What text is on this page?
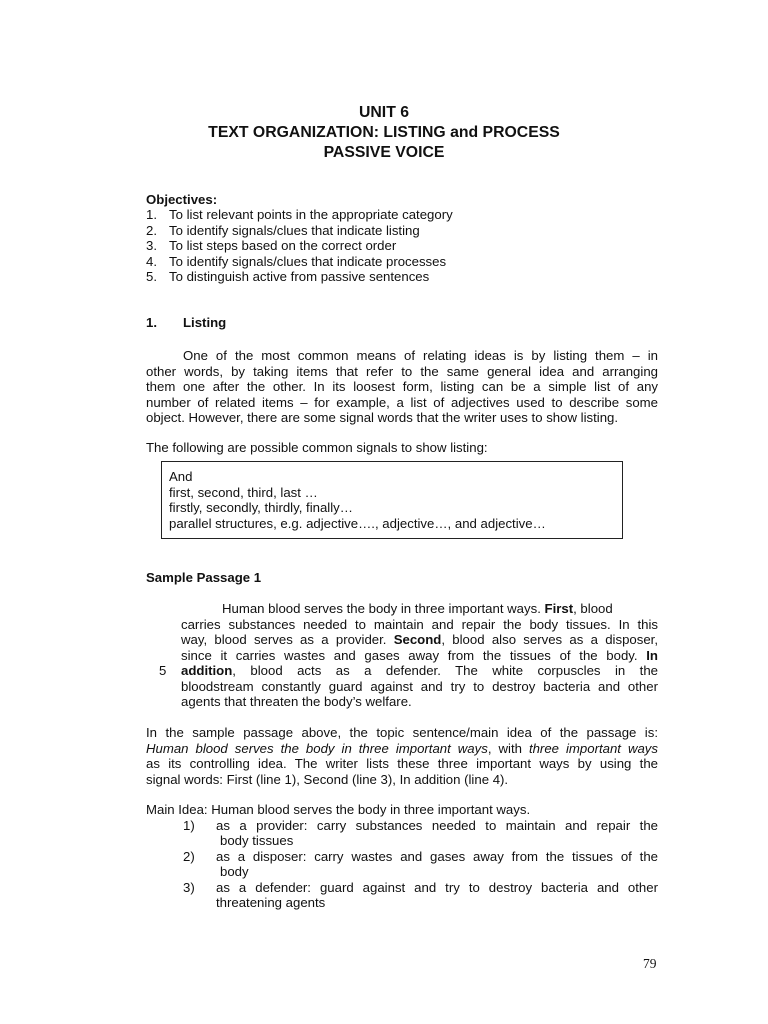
UNIT 6
TEXT ORGANIZATION: LISTING and PROCESS
PASSIVE VOICE
Objectives:
1. To list relevant points in the appropriate category
2. To identify signals/clues that indicate listing
3. To list steps based on the correct order
4. To identify signals/clues that indicate processes
5. To distinguish active from passive sentences
1. Listing
One of the most common means of relating ideas is by listing them – in
other words, by taking items that refer to the same general idea and arranging
them one after the other. In its loosest form, listing can be a simple list of any
number of related items – for example, a list of adjectives used to describe some
object. However, there are some signal words that the writer uses to show listing.
The following are possible common signals to show listing:
And
first, second, third, last …
firstly, secondly, thirdly, finally…
parallel structures, e.g. adjective…., adjective…, and adjective…
Sample Passage 1
Human blood serves the body in three important ways. First, blood
carries substances needed to maintain and repair the body tissues. In this
way, blood serves as a provider. Second, blood also serves as a disposer,
since it carries wastes and gases away from the tissues of the body. In
5 addition, blood acts as a defender. The white corpuscles in the
bloodstream constantly guard against and try to destroy bacteria and other
agents that threaten the body’s welfare.
In the sample passage above, the topic sentence/main idea of the passage is:
Human blood serves the body in three important ways, with three important ways
as its controlling idea. The writer lists these three important ways by using the
signal words: First (line 1), Second (line 3), In addition (line 4).
Main Idea: Human blood serves the body in three important ways.
1) as a provider: carry substances needed to maintain and repair the
body tissues
2) as a disposer: carry wastes and gases away from the tissues of the
body
3) as a defender: guard against and try to destroy bacteria and other
threatening agents
79
